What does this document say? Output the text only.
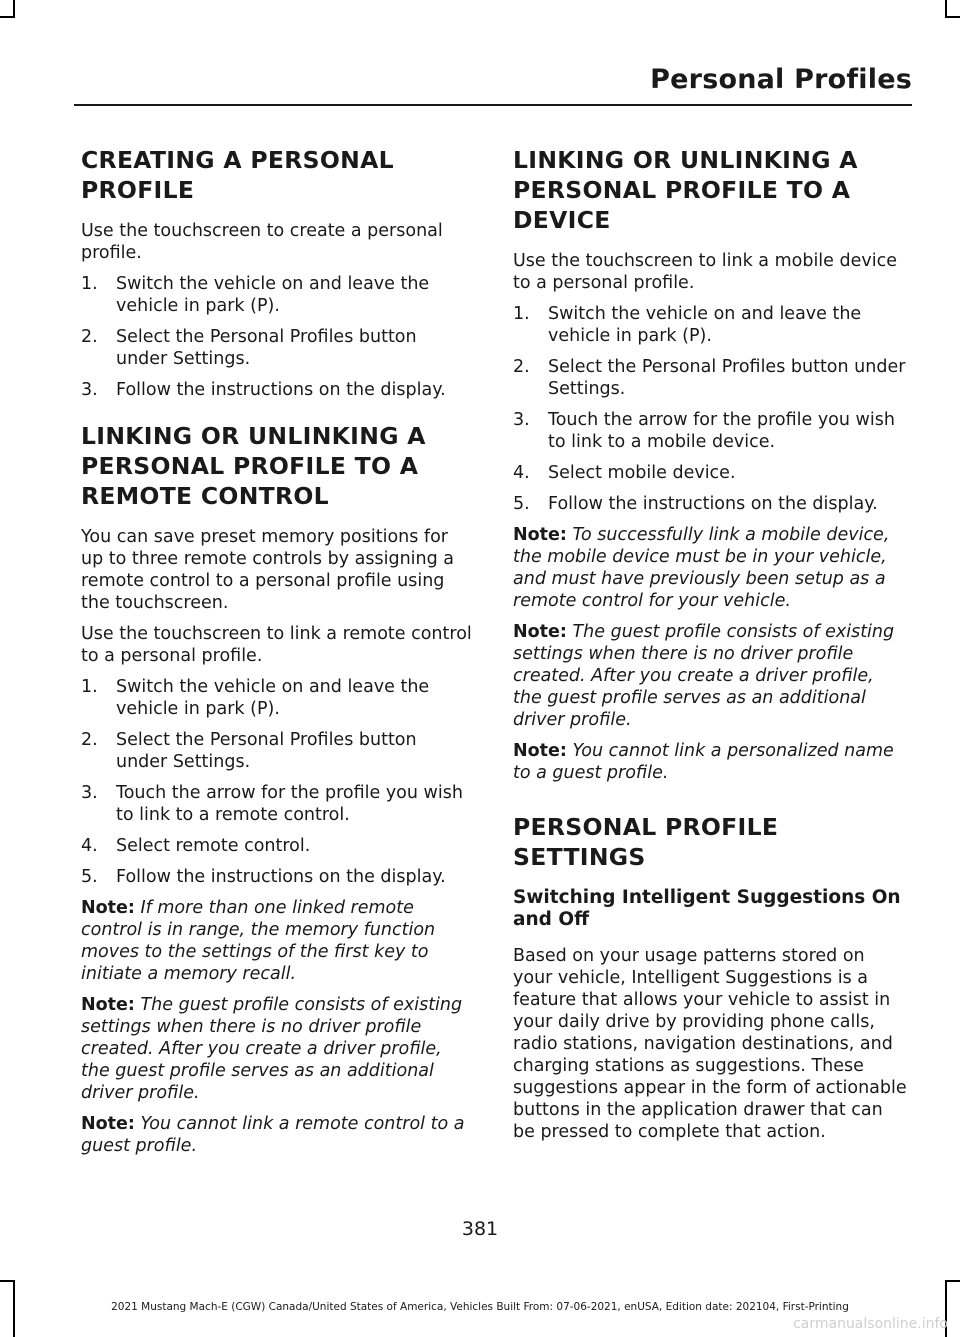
Personal Profiles
CREATING A PERSONAL
PROFILE

Use the touchscreen to create a personal profile.

1. Switch the vehicle on and leave the vehicle in park (P).
2. Select the Personal Profiles button under Settings.
3. Follow the instructions on the display.
LINKING OR UNLINKING A
PERSONAL PROFILE TO A
REMOTE CONTROL

You can save preset memory positions for up to three remote controls by assigning a remote control to a personal profile using the touchscreen.

Use the touchscreen to link a remote control to a personal profile.

1. Switch the vehicle on and leave the vehicle in park (P).
2. Select the Personal Profiles button under Settings.
3. Touch the arrow for the profile you wish to link to a remote control.
4. Select remote control.
5. Follow the instructions on the display.

Note: If more than one linked remote control is in range, the memory function moves to the settings of the first key to initiate a memory recall.

Note: The guest profile consists of existing settings when there is no driver profile created. After you create a driver profile, the guest profile serves as an additional driver profile.

Note: You cannot link a remote control to a guest profile.

LINKING OR UNLINKING A
PERSONAL PROFILE TO A
DEVICE

Use the touchscreen to link a mobile device to a personal profile.

1. Switch the vehicle on and leave the vehicle in park (P).
2. Select the Personal Profiles button under Settings.
3. Touch the arrow for the profile you wish to link to a mobile device.
4. Select mobile device.
5. Follow the instructions on the display.

Note: To successfully link a mobile device, the mobile device must be in your vehicle, and must have previously been setup as a remote control for your vehicle.

Note: The guest profile consists of existing settings when there is no driver profile created. After you create a driver profile, the guest profile serves as an additional driver profile.

Note: You cannot link a personalized name to a guest profile.

PERSONAL PROFILE
SETTINGS
Switching Intelligent Suggestions On and Off

Based on your usage patterns stored on your vehicle, Intelligent Suggestions is a feature that allows your vehicle to assist in your daily drive by providing phone calls, radio stations, navigation destinations, and charging stations as suggestions. These suggestions appear in the form of actionable buttons in the application drawer that can be pressed to complete that action.

381
2021 Mustang Mach-E (CGW) Canada/United States of America, Vehicles Built From: 07-06-2021, enUSA, Edition date: 202104, First-Printing
carmanualsonline.info
